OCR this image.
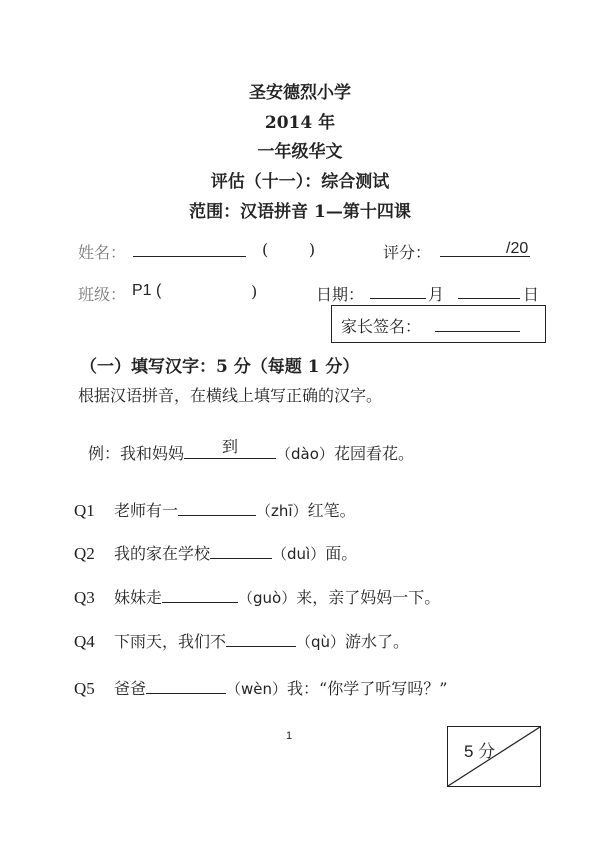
圣安德烈小学
2014 年
一年级华文
评估（十一）：综合测试
范围：汉语拼音 1—第十四课
姓名：	(        )	评分：	/20
班级： P1 (	)	日期：	月	日
家长签名：
（一）填写汉字：5 分（每题 1 分）
根据汉语拼音，在横线上填写正确的汉字。
例：我和妈妈	到	（dào）花园看花。
Q1 老师有一	（zhī）红笔。
Q2 我的家在学校	（duì）面。
Q3 妹妹走	（guò）来，亲了妈妈一下。
Q4 下雨天，我们不	（qù）游水了。
Q5 爸爸	（wèn）我：“你学了听写吗？”
1
5 分
